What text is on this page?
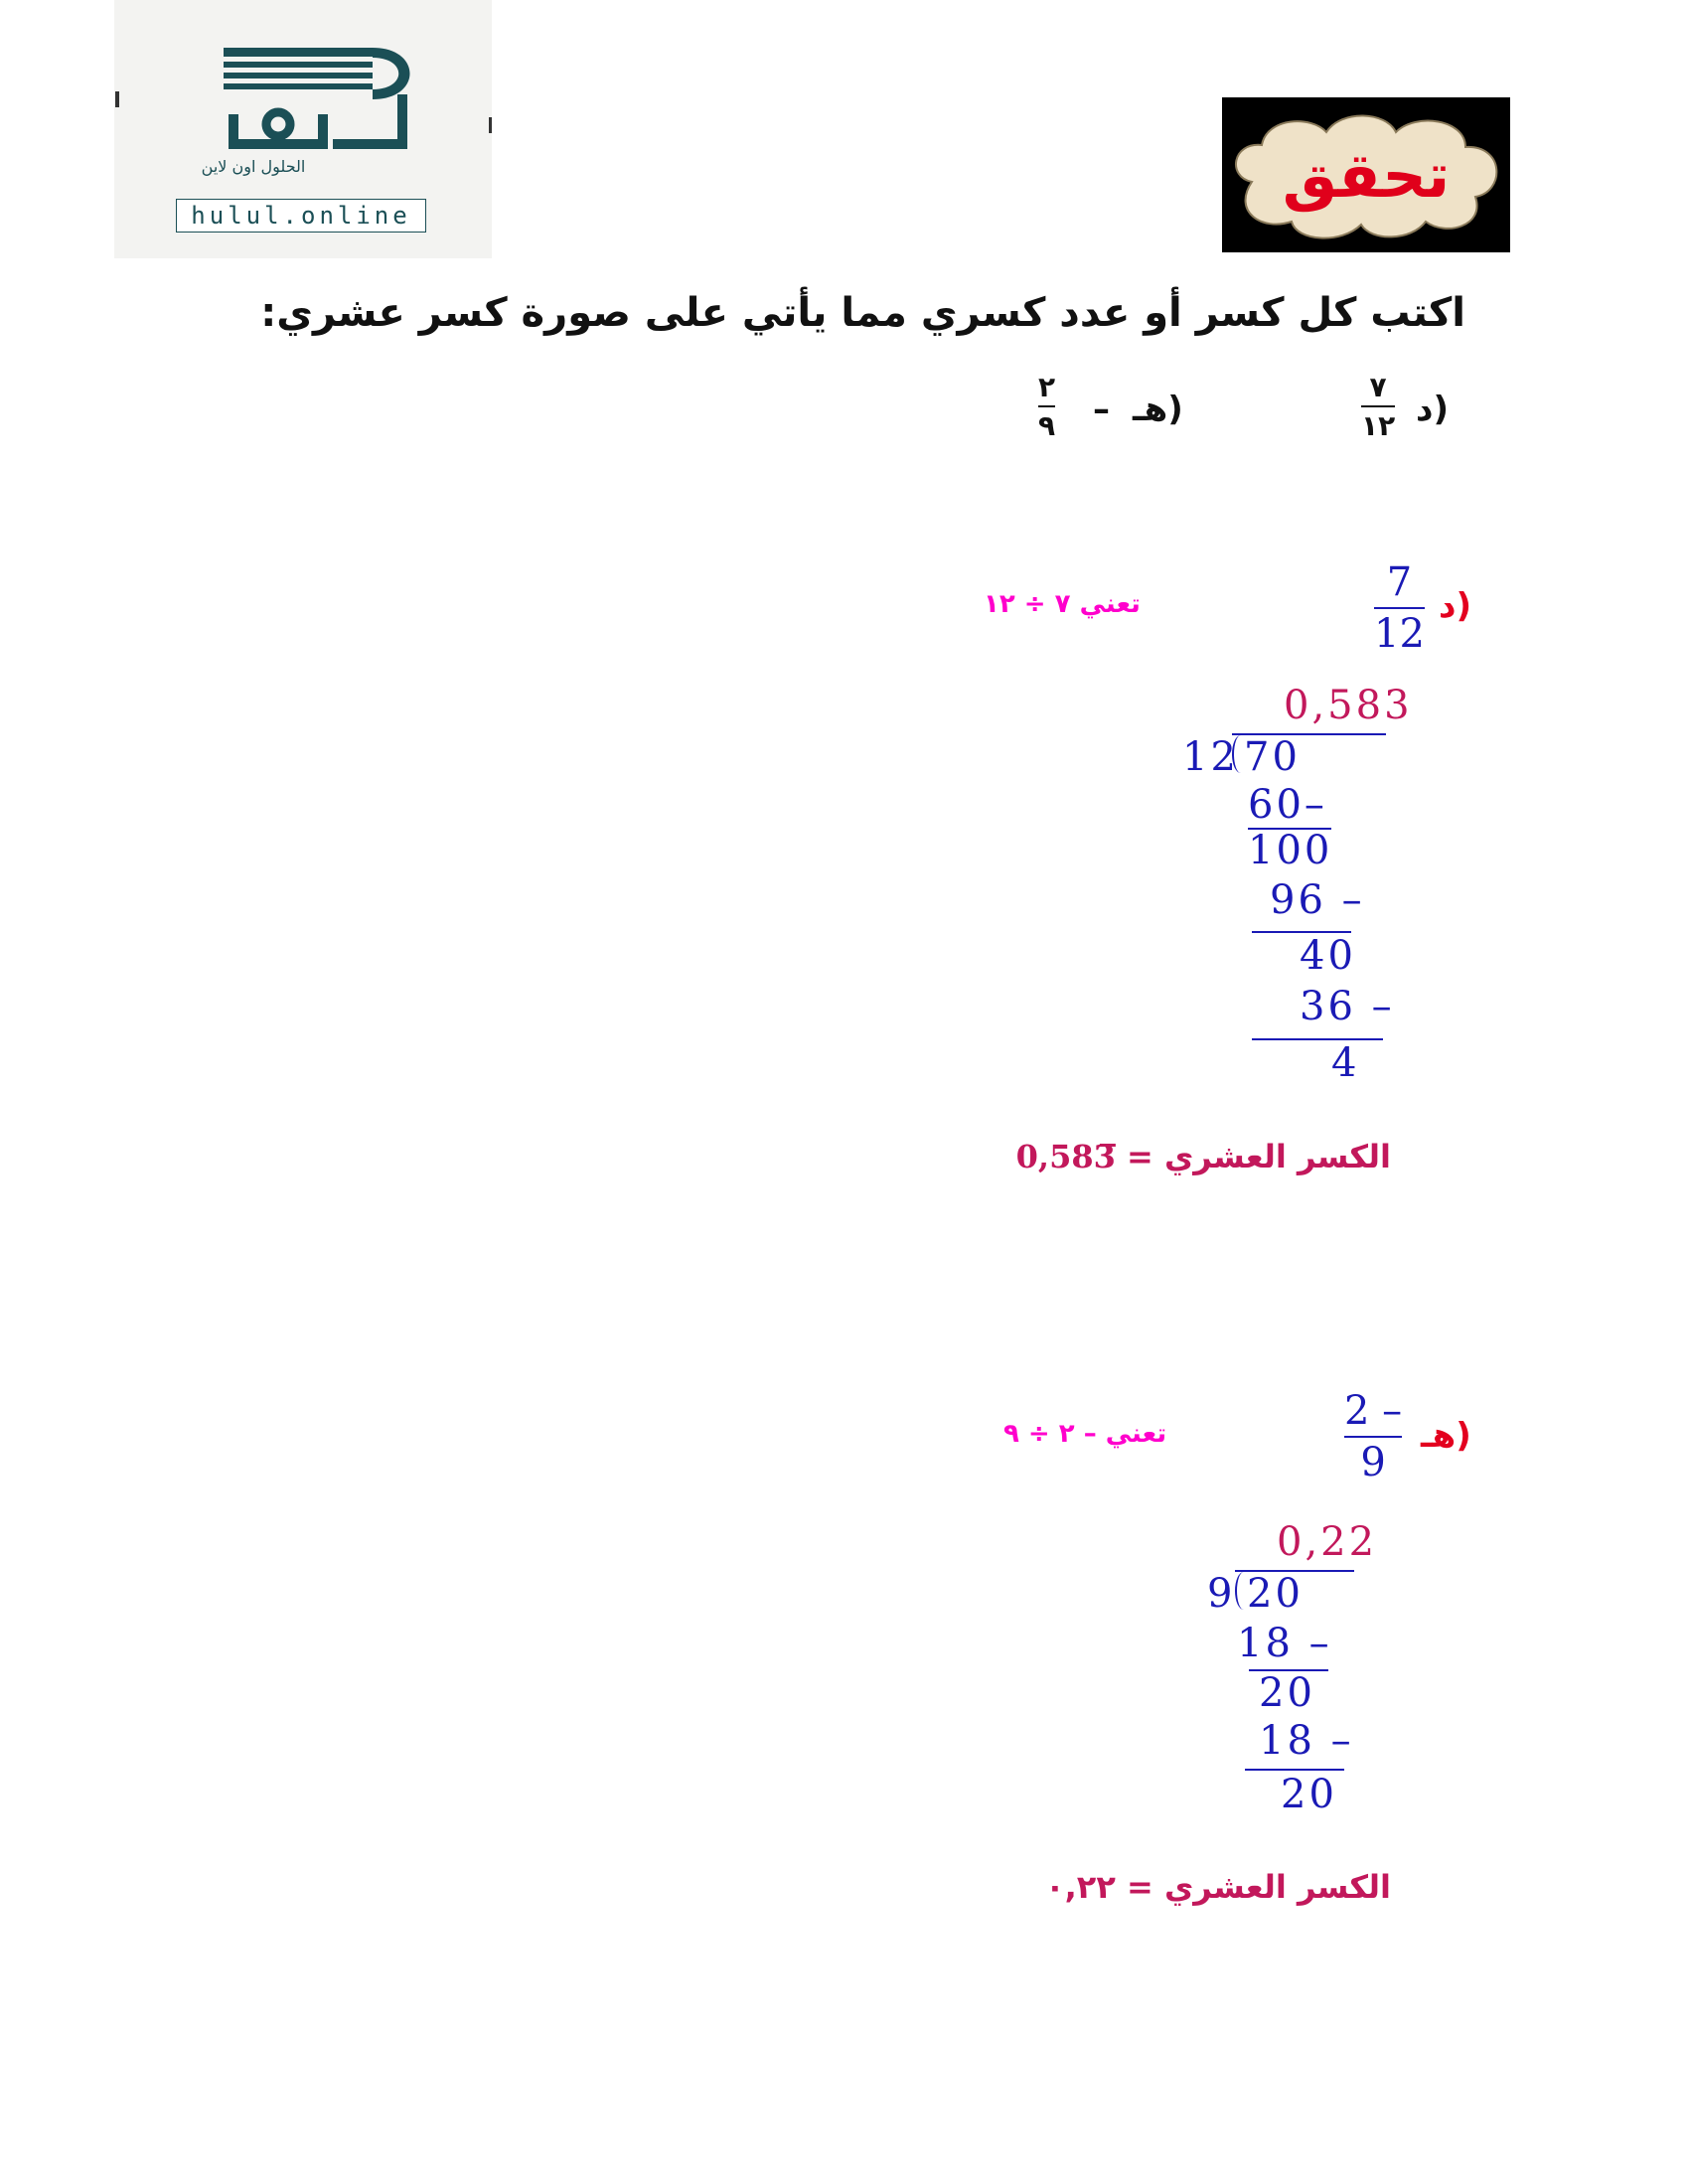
الحلول اون لاين
hulul.online
تحقق
اكتب كل كسر أو عدد كسري مما يأتي على صورة كسر عشري:
د)
٧
١٢
هـ)
–
٢
٩
د)
7
12
تعني ٧ ÷ ١٢
0,583
12 70
60–
100
96 –
40
36 –
4
الكسر العشري = 0,583̅
هـ)
2 –
9
تعني – ٢ ÷ ٩
0,22
9 20
18 –
20
18 –
20
الكسر العشري = ٠,٢٢
